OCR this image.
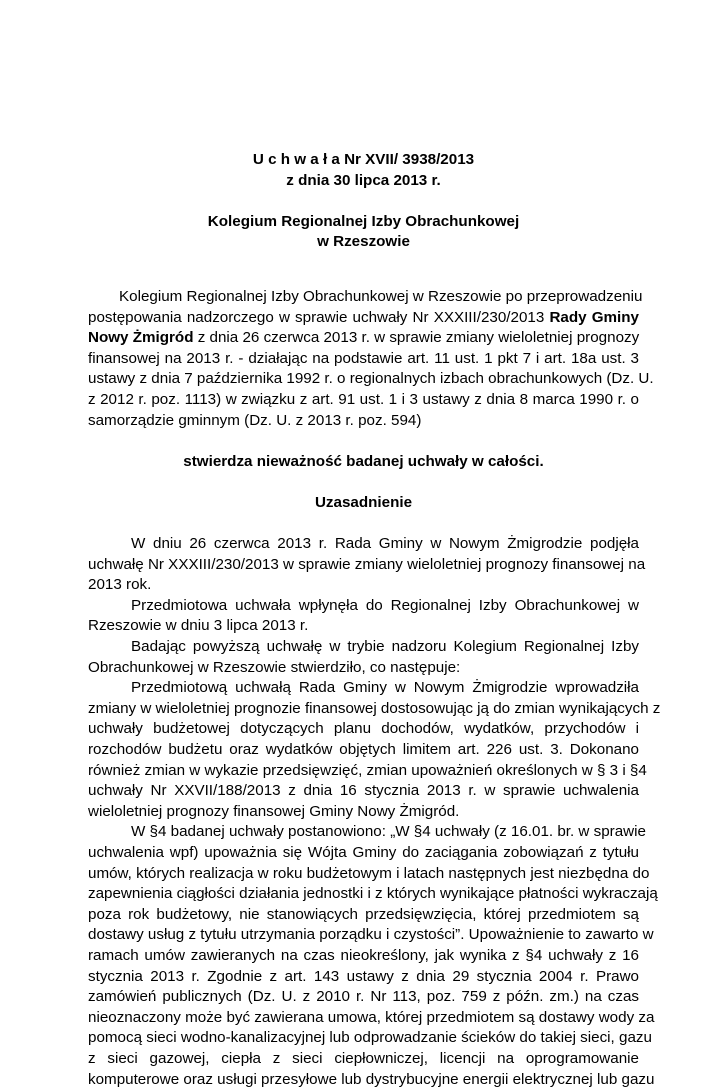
U c h w a ł a Nr XVII/ 3938/2013
z dnia 30 lipca 2013 r.
Kolegium Regionalnej Izby Obrachunkowej
w Rzeszowie
Kolegium Regionalnej Izby Obrachunkowej w Rzeszowie po przeprowadzeniu
postępowania nadzorczego w sprawie uchwały Nr XXXIII/230/2013 Rady Gminy
Nowy Żmigród z dnia 26 czerwca 2013 r. w sprawie zmiany wieloletniej prognozy
finansowej na 2013 r. - działając na podstawie art. 11 ust. 1 pkt 7 i art. 18a ust. 3
ustawy z dnia 7 października 1992 r. o regionalnych izbach obrachunkowych (Dz. U.
z 2012 r. poz. 1113) w związku z art. 91 ust. 1 i 3 ustawy z dnia 8 marca 1990 r. o
samorządzie gminnym (Dz. U. z 2013 r. poz. 594)
stwierdza nieważność badanej uchwały w całości.
Uzasadnienie
W dniu 26 czerwca 2013 r. Rada Gminy w Nowym Żmigrodzie podjęła
uchwałę Nr XXXIII/230/2013 w sprawie zmiany wieloletniej prognozy finansowej na
2013 rok.
Przedmiotowa uchwała wpłynęła do Regionalnej Izby Obrachunkowej w
Rzeszowie w dniu 3 lipca 2013 r.
Badając powyższą uchwałę w trybie nadzoru Kolegium Regionalnej Izby
Obrachunkowej w Rzeszowie stwierdziło, co następuje:
Przedmiotową uchwałą Rada Gminy w Nowym Żmigrodzie wprowadziła
zmiany w wieloletniej prognozie finansowej dostosowując ją do zmian wynikających z
uchwały budżetowej dotyczących planu dochodów, wydatków, przychodów i
rozchodów budżetu oraz wydatków objętych limitem art. 226 ust. 3. Dokonano
również zmian w wykazie przedsięwzięć, zmian upoważnień określonych w § 3 i §4
uchwały Nr XXVII/188/2013 z dnia 16 stycznia 2013 r. w sprawie uchwalenia
wieloletniej prognozy finansowej Gminy Nowy Żmigród.
W §4 badanej uchwały postanowiono: „W §4 uchwały (z 16.01. br. w sprawie
uchwalenia wpf) upoważnia się Wójta Gminy do zaciągania zobowiązań z tytułu
umów, których realizacja w roku budżetowym i latach następnych jest niezbędna do
zapewnienia ciągłości działania jednostki i z których wynikające płatności wykraczają
poza rok budżetowy, nie stanowiących przedsięwzięcia, której przedmiotem są
dostawy usług z tytułu utrzymania porządku i czystości”. Upoważnienie to zawarto w
ramach umów zawieranych na czas nieokreślony, jak wynika z §4 uchwały z 16
stycznia 2013 r. Zgodnie z art. 143 ustawy z dnia 29 stycznia 2004 r. Prawo
zamówień publicznych (Dz. U. z 2010 r. Nr 113, poz. 759 z późn. zm.) na czas
nieoznaczony może być zawierana umowa, której przedmiotem są dostawy wody za
pomocą sieci wodno-kanalizacyjnej lub odprowadzanie ścieków do takiej sieci, gazu
z sieci gazowej, ciepła z sieci ciepłowniczej, licencji na oprogramowanie
komputerowe oraz usługi przesyłowe lub dystrybucyjne energii elektrycznej lub gazu
